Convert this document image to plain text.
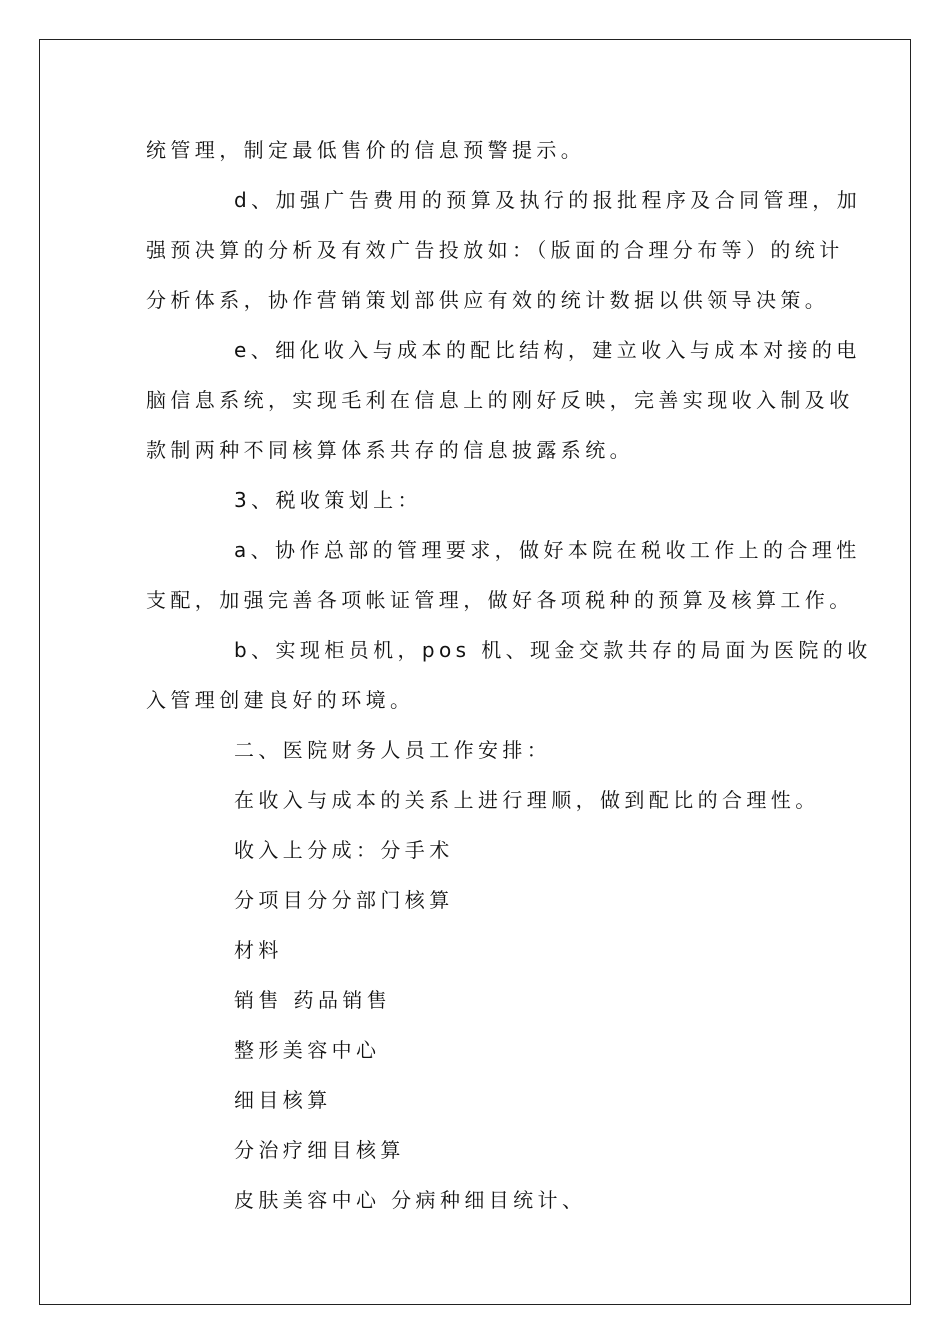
统管理，制定最低售价的信息预警提示。
d、加强广告费用的预算及执行的报批程序及合同管理，加
强预决算的分析及有效广告投放如：（版面的合理分布等）的统计
分析体系，协作营销策划部供应有效的统计数据以供领导决策。
e、细化收入与成本的配比结构，建立收入与成本对接的电
脑信息系统，实现毛利在信息上的刚好反映，完善实现收入制及收
款制两种不同核算体系共存的信息披露系统。
3、税收策划上：
a、协作总部的管理要求，做好本院在税收工作上的合理性
支配，加强完善各项帐证管理，做好各项税种的预算及核算工作。
b、实现柜员机，pos 机、现金交款共存的局面为医院的收
入管理创建良好的环境。
二、医院财务人员工作安排：
在收入与成本的关系上进行理顺，做到配比的合理性。
收入上分成：分手术
分项目分分部门核算
材料
销售 药品销售
整形美容中心
细目核算
分治疗细目核算
皮肤美容中心 分病种细目统计、
